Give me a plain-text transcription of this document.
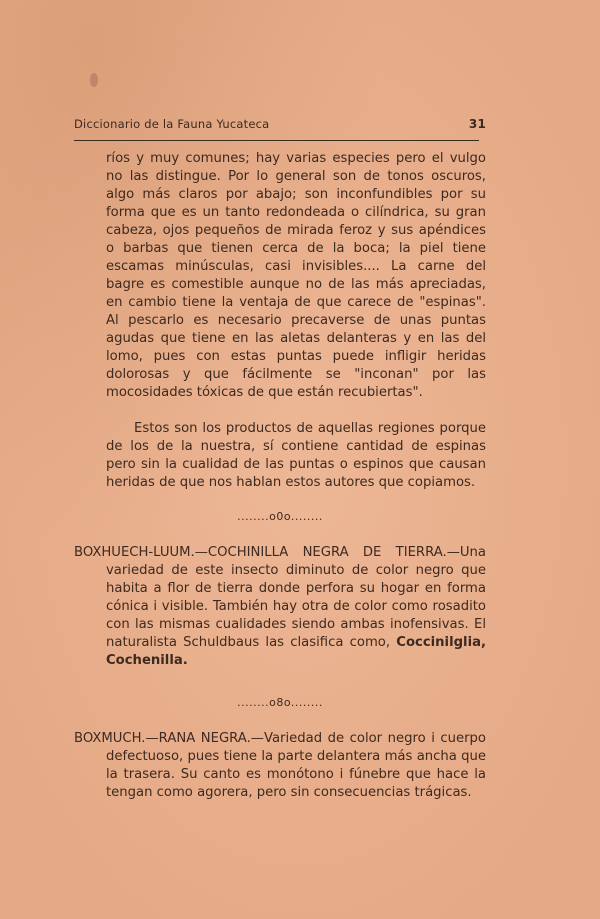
Diccionario de la Fauna Yucateca	31

ríos y muy comunes; hay varias especies pero el vulgo no las distingue. Por lo general son de tonos oscuros, algo más claros por abajo; son inconfundibles por su forma que es un tanto redondeada o cilíndrica, su gran cabeza, ojos pequeños de mirada feroz y sus apéndices o barbas que tienen cerca de la boca; la piel tiene escamas minúsculas, casi invisibles.... La carne del bagre es comestible aunque no de las más apreciadas, en cambio tiene la ventaja de que carece de "espinas". Al pescarlo es necesario precaverse de unas puntas agudas que tiene en las aletas delanteras y en las del lomo, pues con estas puntas puede infligir heridas dolorosas y que fácilmente se "inconan" por las mocosidades tóxicas de que están recubiertas".

Estos son los productos de aquellas regiones porque de los de la nuestra, sí contiene cantidad de espinas pero sin la cualidad de las puntas o espinos que causan heridas de que nos hablan estos autores que copiamos.

........o0o........

BOXHUECH-LUUM.—COCHINILLA NEGRA DE TIERRA.—Una variedad de este insecto diminuto de color negro que habita a flor de tierra donde perfora su hogar en forma cónica i visible. También hay otra de color como rosadito con las mismas cualidades siendo ambas inofensivas. El naturalista Schuldbaus las clasifica como, Coccinilglia, Cochenilla.

........o8o........

BOXMUCH.—RANA NEGRA.—Variedad de color negro i cuerpo defectuoso, pues tiene la parte delantera más ancha que la trasera. Su canto es monótono i fúnebre que hace la tengan como agorera, pero sin consecuencias trágicas.
